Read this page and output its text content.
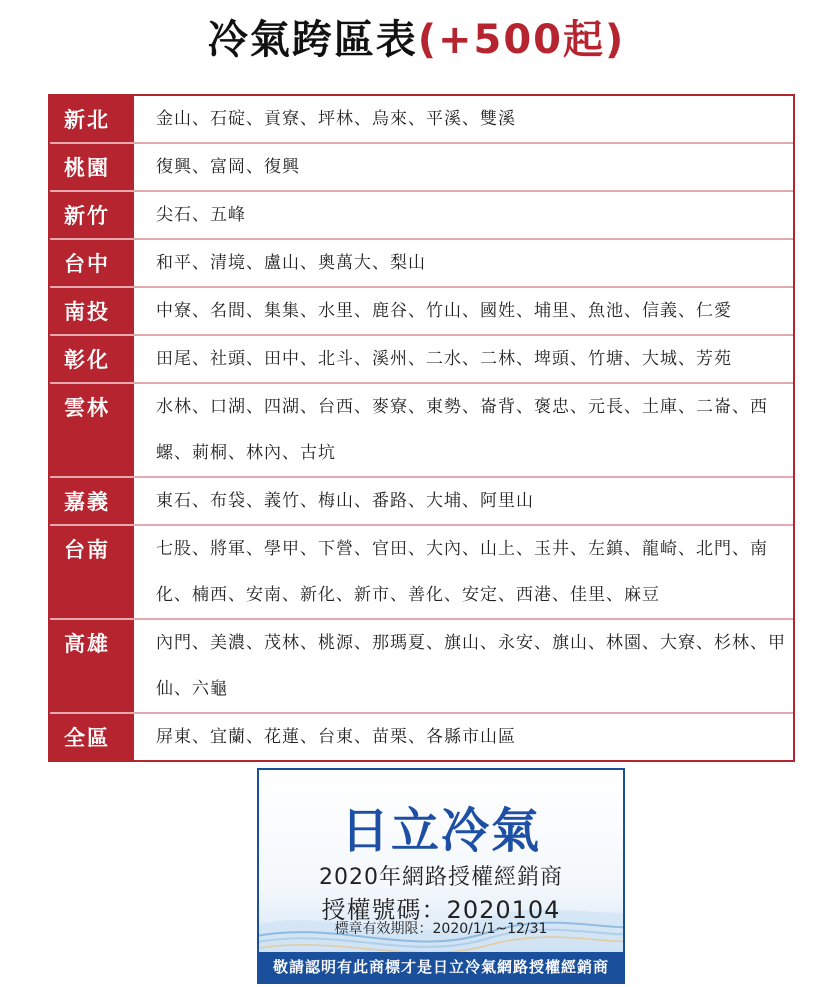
冷氣跨區表(+500起)
新北	金山、石碇、貢寮、坪林、烏來、平溪、雙溪
桃園	復興、富岡、復興
新竹	尖石、五峰
台中	和平、清境、盧山、奧萬大、梨山
南投	中寮、名間、集集、水里、鹿谷、竹山、國姓、埔里、魚池、信義、仁愛
彰化	田尾、社頭、田中、北斗、溪州、二水、二林、埤頭、竹塘、大城、芳苑
雲林	水林、口湖、四湖、台西、麥寮、東勢、崙背、褒忠、元長、土庫、二崙、西螺、莿桐、林內、古坑
嘉義	東石、布袋、義竹、梅山、番路、大埔、阿里山
台南	七股、將軍、學甲、下營、官田、大內、山上、玉井、左鎮、龍崎、北門、南化、楠西、安南、新化、新市、善化、安定、西港、佳里、麻豆
高雄	內門、美濃、茂林、桃源、那瑪夏、旗山、永安、旗山、林園、大寮、杉林、甲仙、六龜
全區	屏東、宜蘭、花蓮、台東、苗栗、各縣市山區
日立冷氣
2020年網路授權經銷商
授權號碼：2020104
標章有效期限：2020/1/1~12/31
敬請認明有此商標才是日立冷氣網路授權經銷商
